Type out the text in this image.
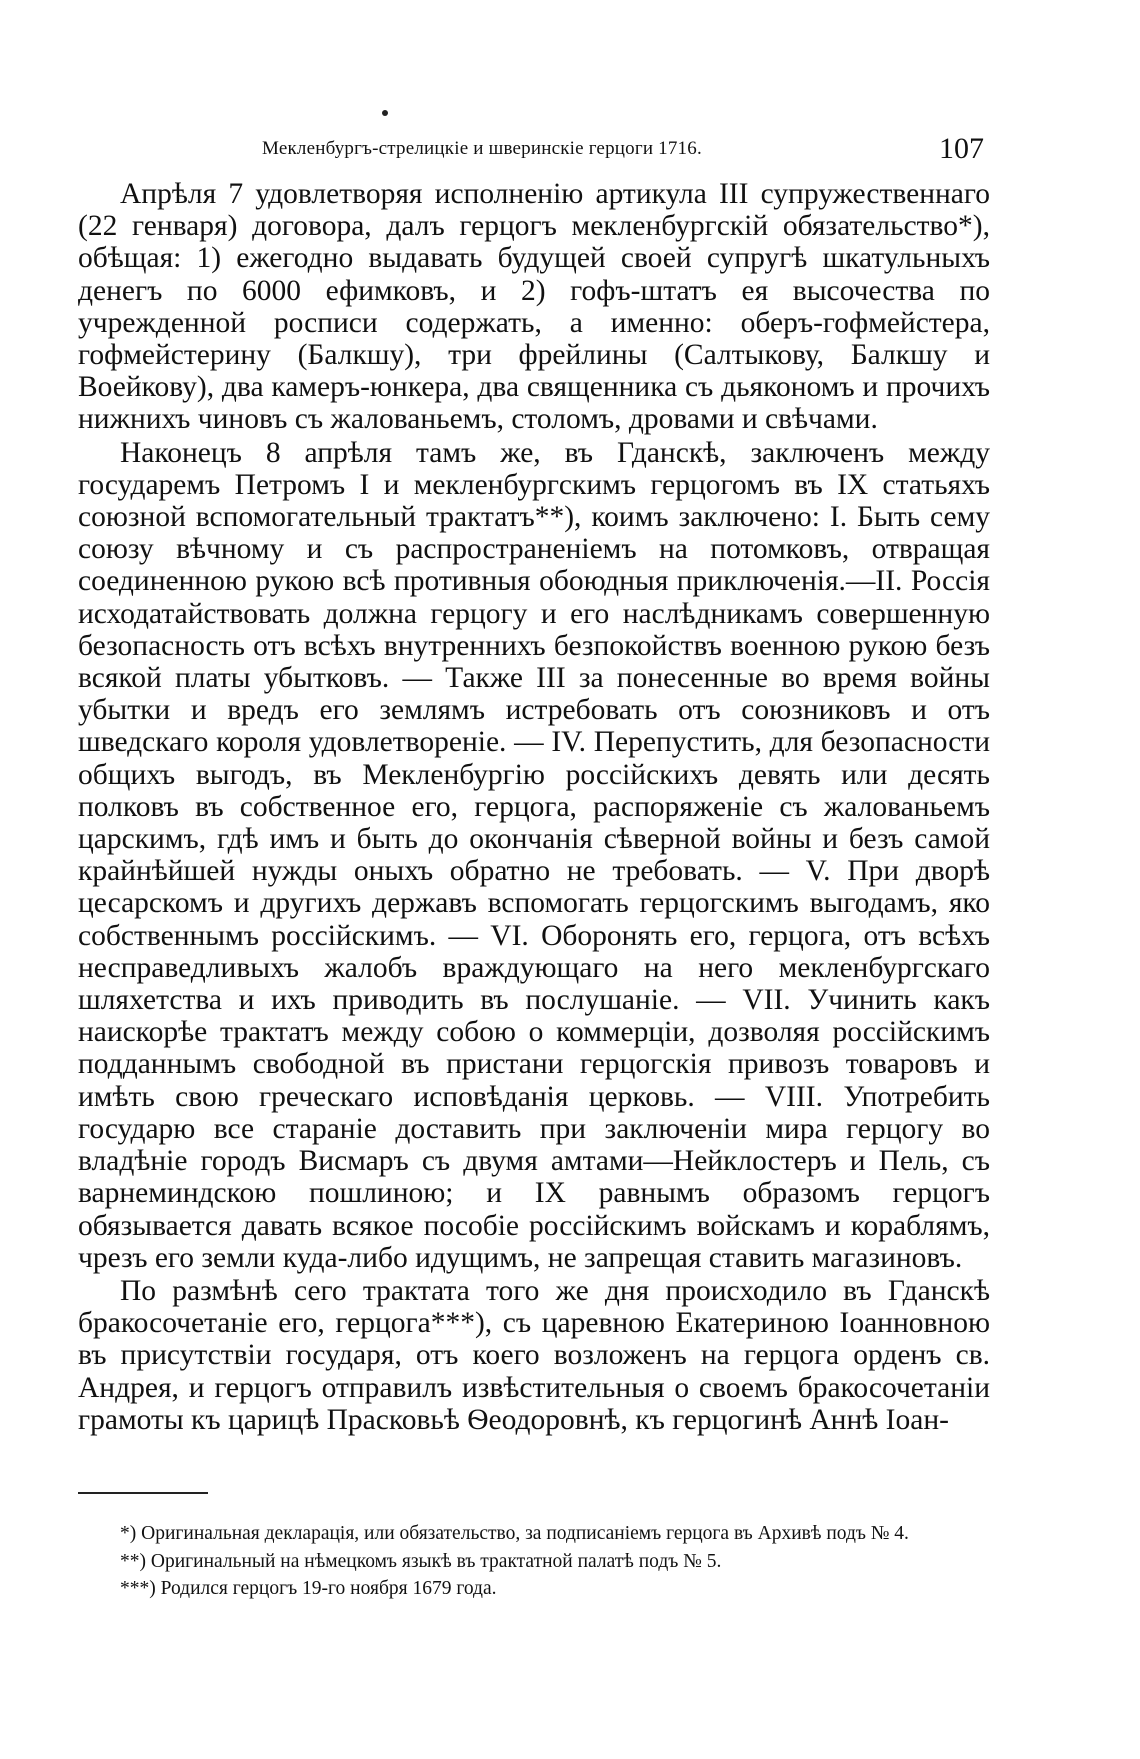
Мекленбургъ-стрелицкіе и шверинскіе герцоги 1716.	107

Апрѣля 7 удовлетворяя исполненію артикула III супружественнаго (22 генваря) договора, далъ герцогъ мекленбургскій обязательство*), обѣщая: 1) ежегодно выдавать будущей своей супругѣ шкатульныхъ денегъ по 6000 ефимковъ, и 2) гофъ-штатъ ея высочества по учрежденной росписи содержать, а именно: оберъ-гофмейстера, гофмейстерину (Балкшу), три фрейлины (Салтыкову, Балкшу и Воейкову), два камеръ-юнкера, два священника съ дьякономъ и прочихъ нижнихъ чиновъ съ жалованьемъ, столомъ, дровами и свѣчами.

Наконецъ 8 апрѣля тамъ же, въ Гданскѣ, заключенъ между государемъ Петромъ I и мекленбургскимъ герцогомъ въ IX статьяхъ союзной вспомогательный трактатъ**), коимъ заключено: I. Быть сему союзу вѣчному и съ распространеніемъ на потомковъ, отвращая соединенною рукою всѣ противныя обоюдныя приключенія.—II. Россія исходатайствовать должна герцогу и его наслѣдникамъ совершенную безопасность отъ всѣхъ внутреннихъ безпокойствъ военною рукою безъ всякой платы убытковъ. — Также III за понесенные во время войны убытки и вредъ его землямъ истребовать отъ союзниковъ и отъ шведскаго короля удовлетвореніе. — IV. Перепустить, для безопасности общихъ выгодъ, въ Мекленбургію россійскихъ девять или десять полковъ въ собственное его, герцога, распоряженіе съ жалованьемъ царскимъ, гдѣ имъ и быть до окончанія сѣверной войны и безъ самой крайнѣйшей нужды оныхъ обратно не требовать. — V. При дворѣ цесарскомъ и другихъ державъ вспомогать герцогскимъ выгодамъ, яко собственнымъ россійскимъ. — VI. Оборонять его, герцога, отъ всѣхъ несправедливыхъ жалобъ враждующаго на него мекленбургскаго шляхетства и ихъ приводить въ послушаніе. — VII. Учинить какъ наискорѣе трактатъ между собою о коммерціи, дозволяя россійскимъ подданнымъ свободной въ пристани герцогскія привозъ товаровъ и имѣть свою греческаго исповѣданія церковь. — VIII. Употребить государю все стараніе доставить при заключеніи мира герцогу во владѣніе городъ Висмаръ съ двумя амтами—Нейклостеръ и Пель, съ варнеминдскою пошлиною; и IX равнымъ образомъ герцогъ обязывается давать всякое пособіе россійскимъ войскамъ и кораблямъ, чрезъ его земли куда-либо идущимъ, не запрещая ставить магазиновъ.

По размѣнѣ сего трактата того же дня происходило въ Гданскѣ бракосочетаніе его, герцога***), съ царевною Екатериною Іоанновною въ присутствіи государя, отъ коего возложенъ на герцога орденъ св. Андрея, и герцогъ отправилъ извѣстительныя о своемъ бракосочетаніи грамоты къ царицѣ Прасковьѣ Ѳеодоровнѣ, къ герцогинѣ Аннѣ Іоан-

*) Оригинальная декларація, или обязательство, за подписаніемъ герцога въ Архивѣ подъ № 4.

**) Оригинальный на нѣмецкомъ языкѣ въ трактатной палатѣ подъ № 5.

***) Родился герцогъ 19-го ноября 1679 года.
